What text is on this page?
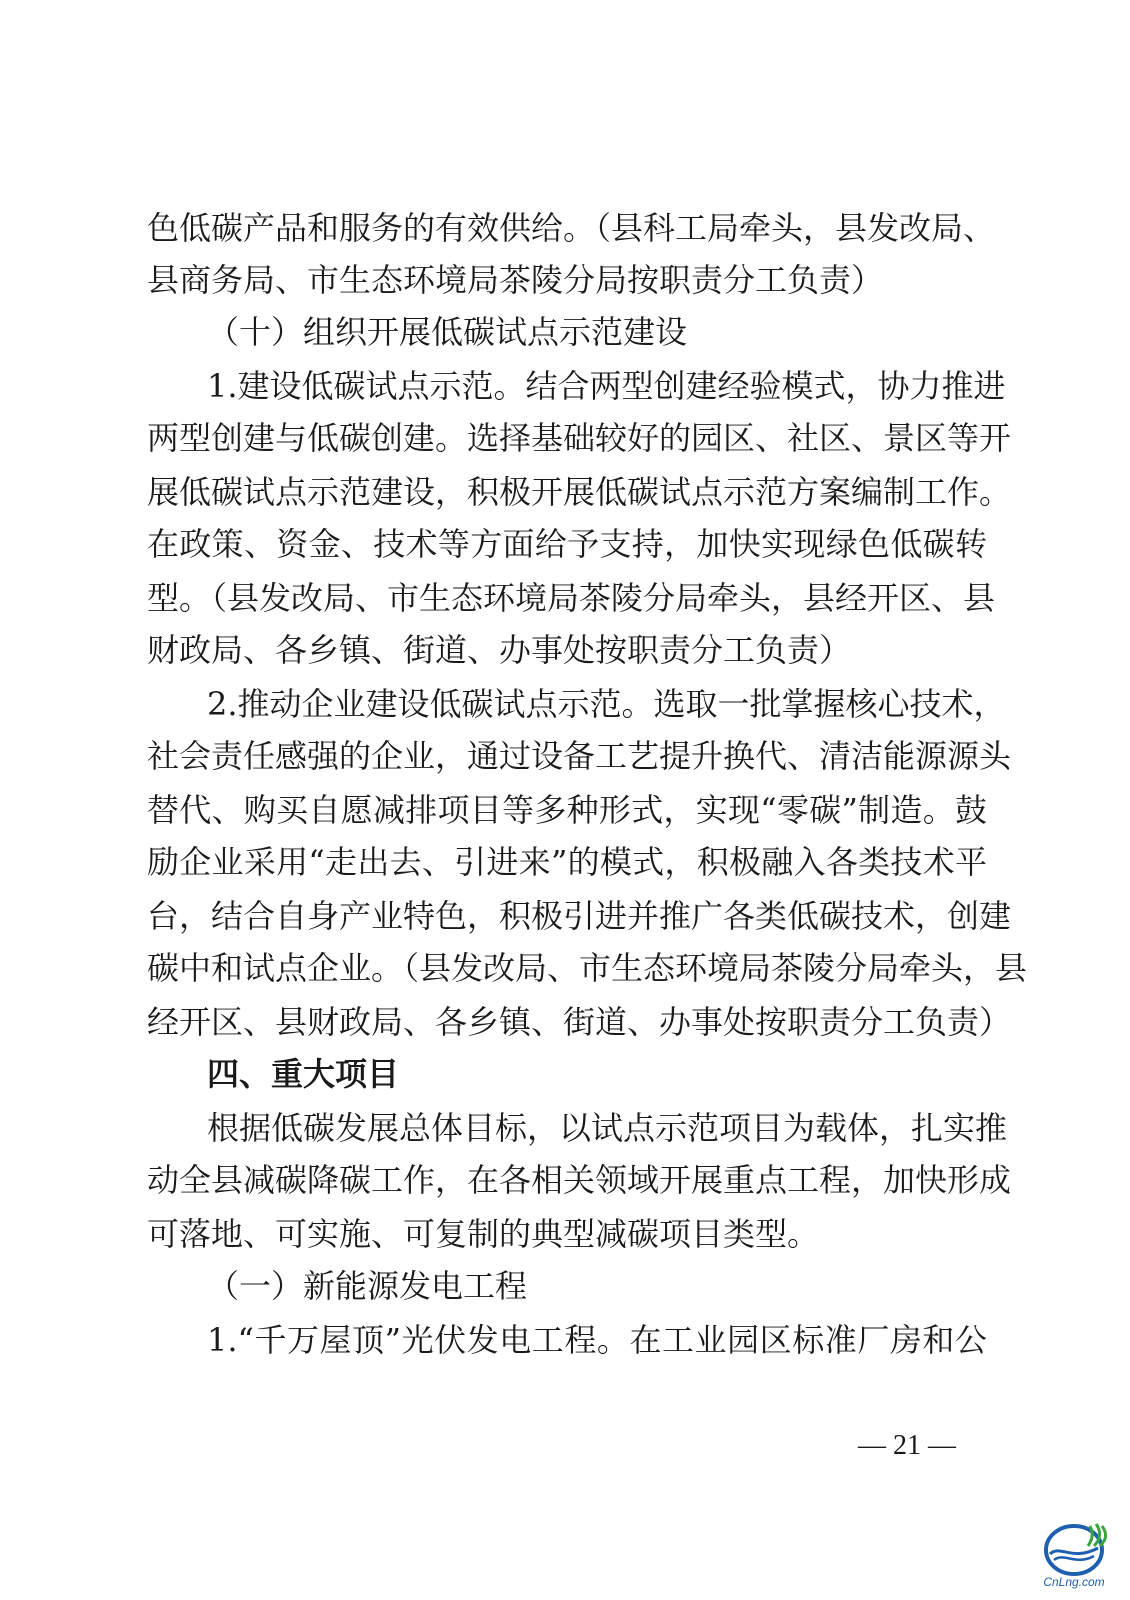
色低碳产品和服务的有效供给。（县科工局牵头，县发改局、
县商务局、市生态环境局茶陵分局按职责分工负责）
（十）组织开展低碳试点示范建设
1.建设低碳试点示范。结合两型创建经验模式，协力推进
两型创建与低碳创建。选择基础较好的园区、社区、景区等开
展低碳试点示范建设，积极开展低碳试点示范方案编制工作。
在政策、资金、技术等方面给予支持，加快实现绿色低碳转
型。（县发改局、市生态环境局茶陵分局牵头，县经开区、县
财政局、各乡镇、街道、办事处按职责分工负责）
2.推动企业建设低碳试点示范。选取一批掌握核心技术，
社会责任感强的企业，通过设备工艺提升换代、清洁能源源头
替代、购买自愿减排项目等多种形式，实现“零碳”制造。鼓
励企业采用“走出去、引进来”的模式，积极融入各类技术平
台，结合自身产业特色，积极引进并推广各类低碳技术，创建
碳中和试点企业。（县发改局、市生态环境局茶陵分局牵头，县
经开区、县财政局、各乡镇、街道、办事处按职责分工负责）
四、重大项目
根据低碳发展总体目标，以试点示范项目为载体，扎实推
动全县减碳降碳工作，在各相关领域开展重点工程，加快形成
可落地、可实施、可复制的典型减碳项目类型。
（一）新能源发电工程
1.“千万屋顶”光伏发电工程。在工业园区标准厂房和公
— 21 —
CnLng.com
